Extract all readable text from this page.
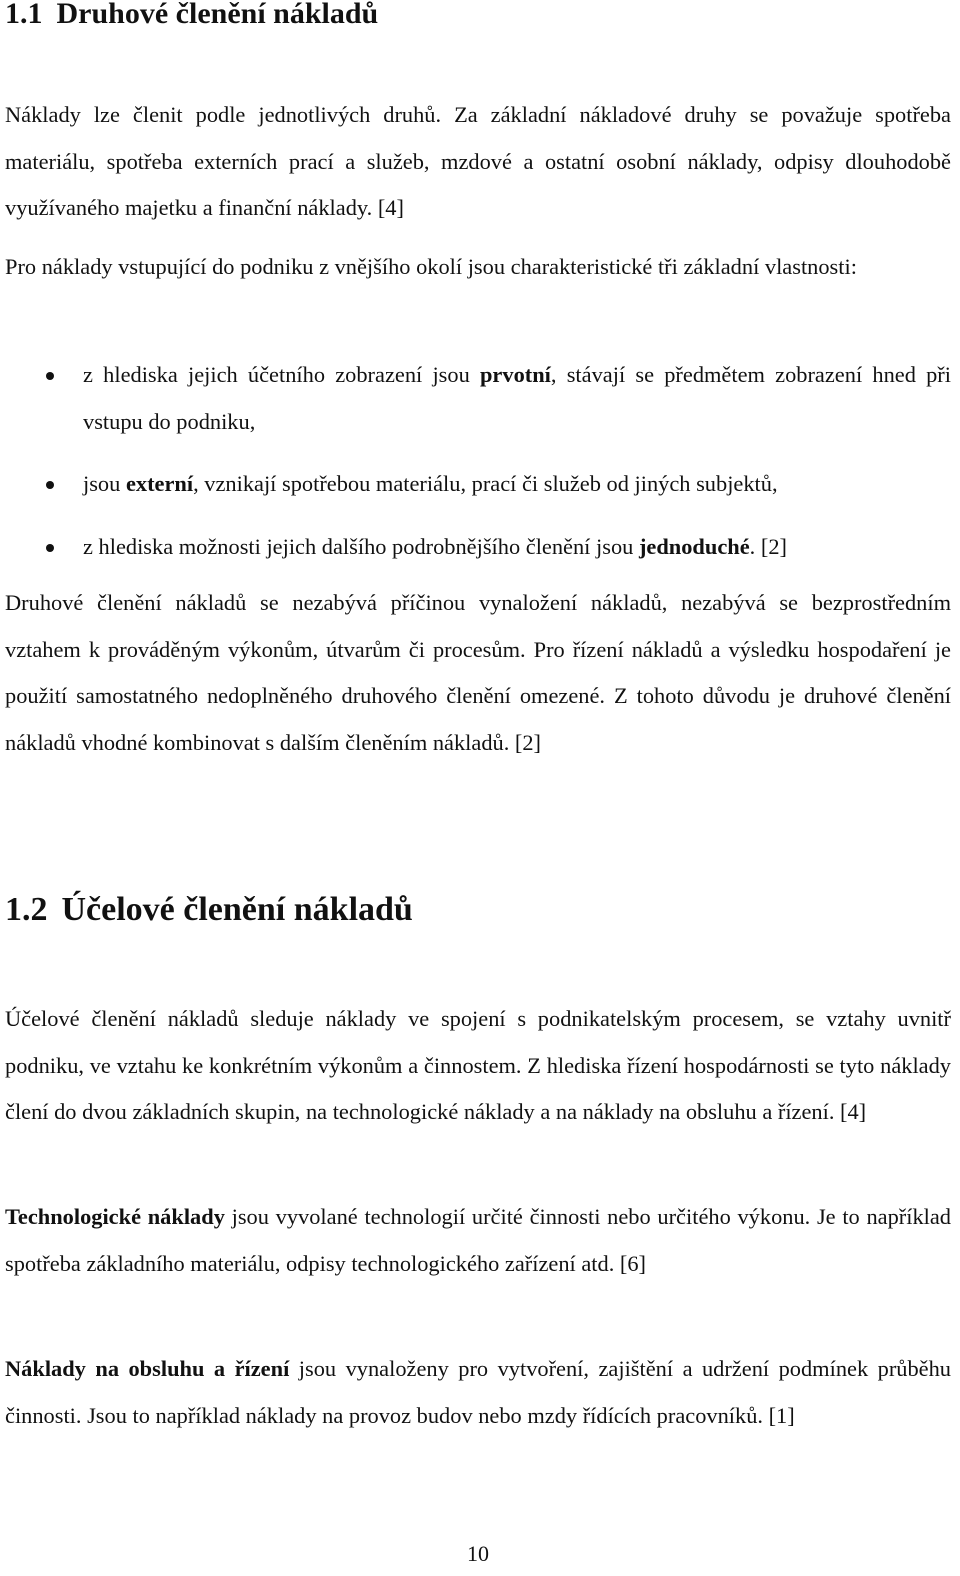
1.1 Druhové členění nákladů

Náklady lze členit podle jednotlivých druhů. Za základní nákladové druhy se považuje spotřeba materiálu, spotřeba externích prací a služeb, mzdové a ostatní osobní náklady, odpisy dlouhodobě využívaného majetku a finanční náklady. [4]

Pro náklady vstupující do podniku z vnějšího okolí jsou charakteristické tři základní vlastnosti:

z hlediska jejich účetního zobrazení jsou prvotní, stávají se předmětem zobrazení hned při vstupu do podniku,
jsou externí, vznikají spotřebou materiálu, prací či služeb od jiných subjektů,
z hlediska možnosti jejich dalšího podrobnějšího členění jsou jednoduché. [2]

Druhové členění nákladů se nezabývá příčinou vynaložení nákladů, nezabývá se bezprostředním vztahem k prováděným výkonům, útvarům či procesům. Pro řízení nákladů a výsledku hospodaření je použití samostatného nedoplněného druhového členění omezené. Z tohoto důvodu je druhové členění nákladů vhodné kombinovat s dalším členěním nákladů. [2]

1.2 Účelové členění nákladů

Účelové členění nákladů sleduje náklady ve spojení s podnikatelským procesem, se vztahy uvnitř podniku, ve vztahu ke konkrétním výkonům a činnostem. Z hlediska řízení hospodárnosti se tyto náklady člení do dvou základních skupin, na technologické náklady a na náklady na obsluhu a řízení. [4]

Technologické náklady jsou vyvolané technologií určité činnosti nebo určitého výkonu. Je to například spotřeba základního materiálu, odpisy technologického zařízení atd. [6]

Náklady na obsluhu a řízení jsou vynaloženy pro vytvoření, zajištění a udržení podmínek průběhu činnosti. Jsou to například náklady na provoz budov nebo mzdy řídících pracovníků. [1]

10
